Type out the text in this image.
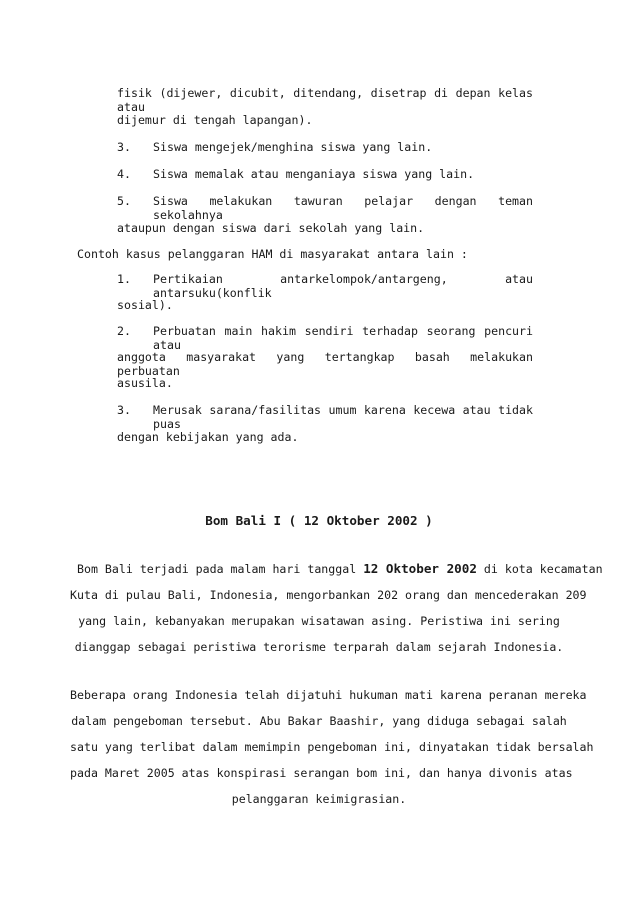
fisik (dijewer, dicubit, ditendang, disetrap di depan kelas atau
dijemur di tengah lapangan).
3. Siswa mengejek/menghina siswa yang lain.
4. Siswa memalak atau menganiaya siswa yang lain.
5. Siswa melakukan tawuran pelajar dengan teman sekolahnya
ataupun dengan siswa dari sekolah yang lain.
Contoh kasus pelanggaran HAM di masyarakat antara lain :
1. Pertikaian antarkelompok/antargeng, atau antarsuku(konflik
sosial).
2. Perbuatan main hakim sendiri terhadap seorang pencuri atau
anggota masyarakat yang tertangkap basah melakukan perbuatan
asusila.
3. Merusak sarana/fasilitas umum karena kecewa atau tidak puas
dengan kebijakan yang ada.
Bom Bali I ( 12 Oktober 2002 )
Bom Bali terjadi pada malam hari tanggal 12 Oktober 2002 di kota kecamatan
Kuta di pulau Bali, Indonesia, mengorbankan 202 orang dan mencederakan 209
yang lain, kebanyakan merupakan wisatawan asing. Peristiwa ini sering
dianggap sebagai peristiwa terorisme terparah dalam sejarah Indonesia.
Beberapa orang Indonesia telah dijatuhi hukuman mati karena peranan mereka
dalam pengeboman tersebut. Abu Bakar Baashir, yang diduga sebagai salah
satu yang terlibat dalam memimpin pengeboman ini, dinyatakan tidak bersalah
pada Maret 2005 atas konspirasi serangan bom ini, dan hanya divonis atas
pelanggaran keimigrasian.
